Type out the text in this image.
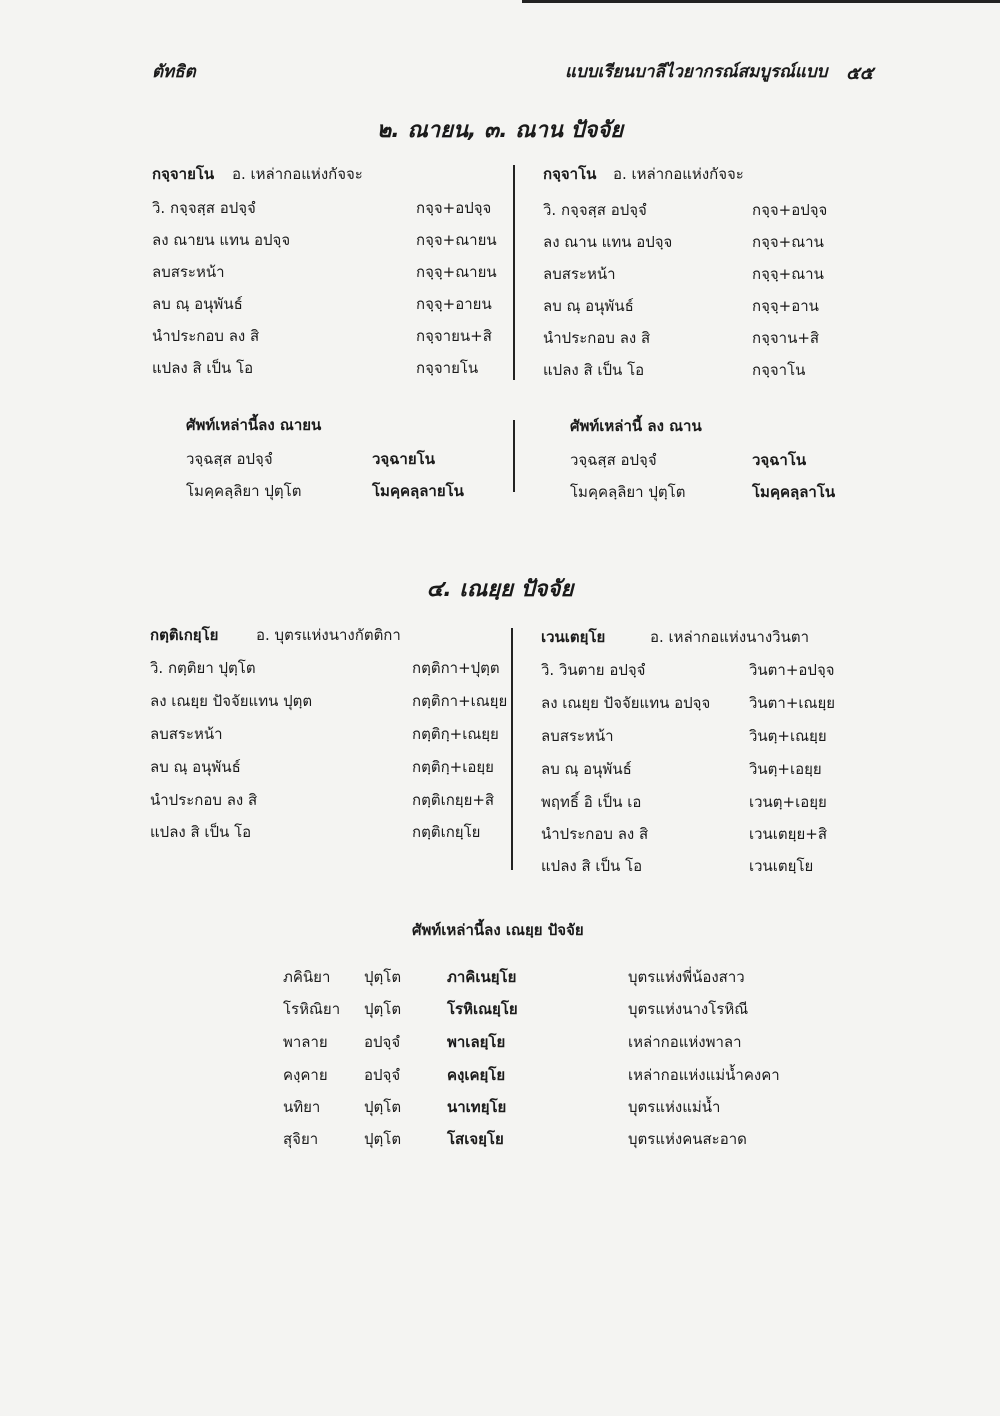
ตัทธิต	แบบเรียนบาลีไวยากรณ์สมบูรณ์แบบ ๕๕
๒. ณายน, ๓. ณาน ปัจจัย
กจฺจายโน อ. เหล่ากอแห่งกัจจะ
วิ. กจฺจสฺส อปจฺจํ	กจฺจ+อปจฺจ
ลง ณายน แทน อปจฺจ	กจฺจ+ณายน
ลบสระหน้า	กจฺจฺ+ณายน
ลบ ณฺ อนุพันธ์	กจฺจฺ+อายน
นำประกอบ ลง สิ	กจฺจายน+สิ
แปลง สิ เป็น โอ	กจฺจายโน
กจฺจาโน อ. เหล่ากอแห่งกัจจะ
วิ. กจฺจสฺส อปจฺจํ	กจฺจ+อปจฺจ
ลง ณาน แทน อปจฺจ	กจฺจ+ณาน
ลบสระหน้า	กจฺจฺ+ณาน
ลบ ณฺ อนุพันธ์	กจฺจฺ+อาน
นำประกอบ ลง สิ	กจฺจาน+สิ
แปลง สิ เป็น โอ	กจฺจาโน
ศัพท์เหล่านี้ลง ณายน
วจฺฉสฺส อปจฺจํ	วจฺฉายโน
โมคฺคลฺลิยา ปุตฺโต	โมคฺคลฺลายโน
ศัพท์เหล่านี้ ลง ณาน
วจฺฉสฺส อปจฺจํ	วจฺฉาโน
โมคฺคลฺลิยา ปุตฺโต	โมคฺคลฺลาโน
๔. เณยฺย ปัจจัย
กตฺติเกยฺโย	อ. บุตรแห่งนางกัตติกา
วิ. กตฺติยา ปุตฺโต	กตฺติกา+ปุตฺต
ลง เณยฺย ปัจจัยแทน ปุตฺต	กตฺติกา+เณยฺย
ลบสระหน้า	กตฺติกฺ+เณยฺย
ลบ ณฺ อนุพันธ์	กตฺติกฺ+เอยฺย
นำประกอบ ลง สิ	กตฺติเกยฺย+สิ
แปลง สิ เป็น โอ	กตฺติเกยฺโย
เวนเตยฺโย	อ. เหล่ากอแห่งนางวินตา
วิ. วินตาย อปจฺจํ	วินตา+อปจฺจ
ลง เณยฺย ปัจจัยแทน อปจฺจ	วินตา+เณยฺย
ลบสระหน้า	วินตฺ+เณยฺย
ลบ ณฺ อนุพันธ์	วินตฺ+เอยฺย
พฤทธิ์ อิ เป็น เอ	เวนตฺ+เอยฺย
นำประกอบ ลง สิ	เวนเตยฺย+สิ
แปลง สิ เป็น โอ	เวนเตยฺโย
ศัพท์เหล่านี้ลง เณยฺย ปัจจัย
ภคินิยา ปุตฺโต	ภาคิเนยฺโย	บุตรแห่งพี่น้องสาว
โรหิณิยา ปุตฺโต	โรหิเณยฺโย	บุตรแห่งนางโรหิณี
พาลาย อปจฺจํ	พาเลยฺโย	เหล่ากอแห่งพาลา
คงฺคาย อปจฺจํ	คงฺเคยฺโย	เหล่ากอแห่งแม่น้ำคงคา
นทิยา	ปุตฺโต	นาเทยฺโย	บุตรแห่งแม่น้ำ
สุจิยา	ปุตฺโต	โสเจยฺโย	บุตรแห่งคนสะอาด
